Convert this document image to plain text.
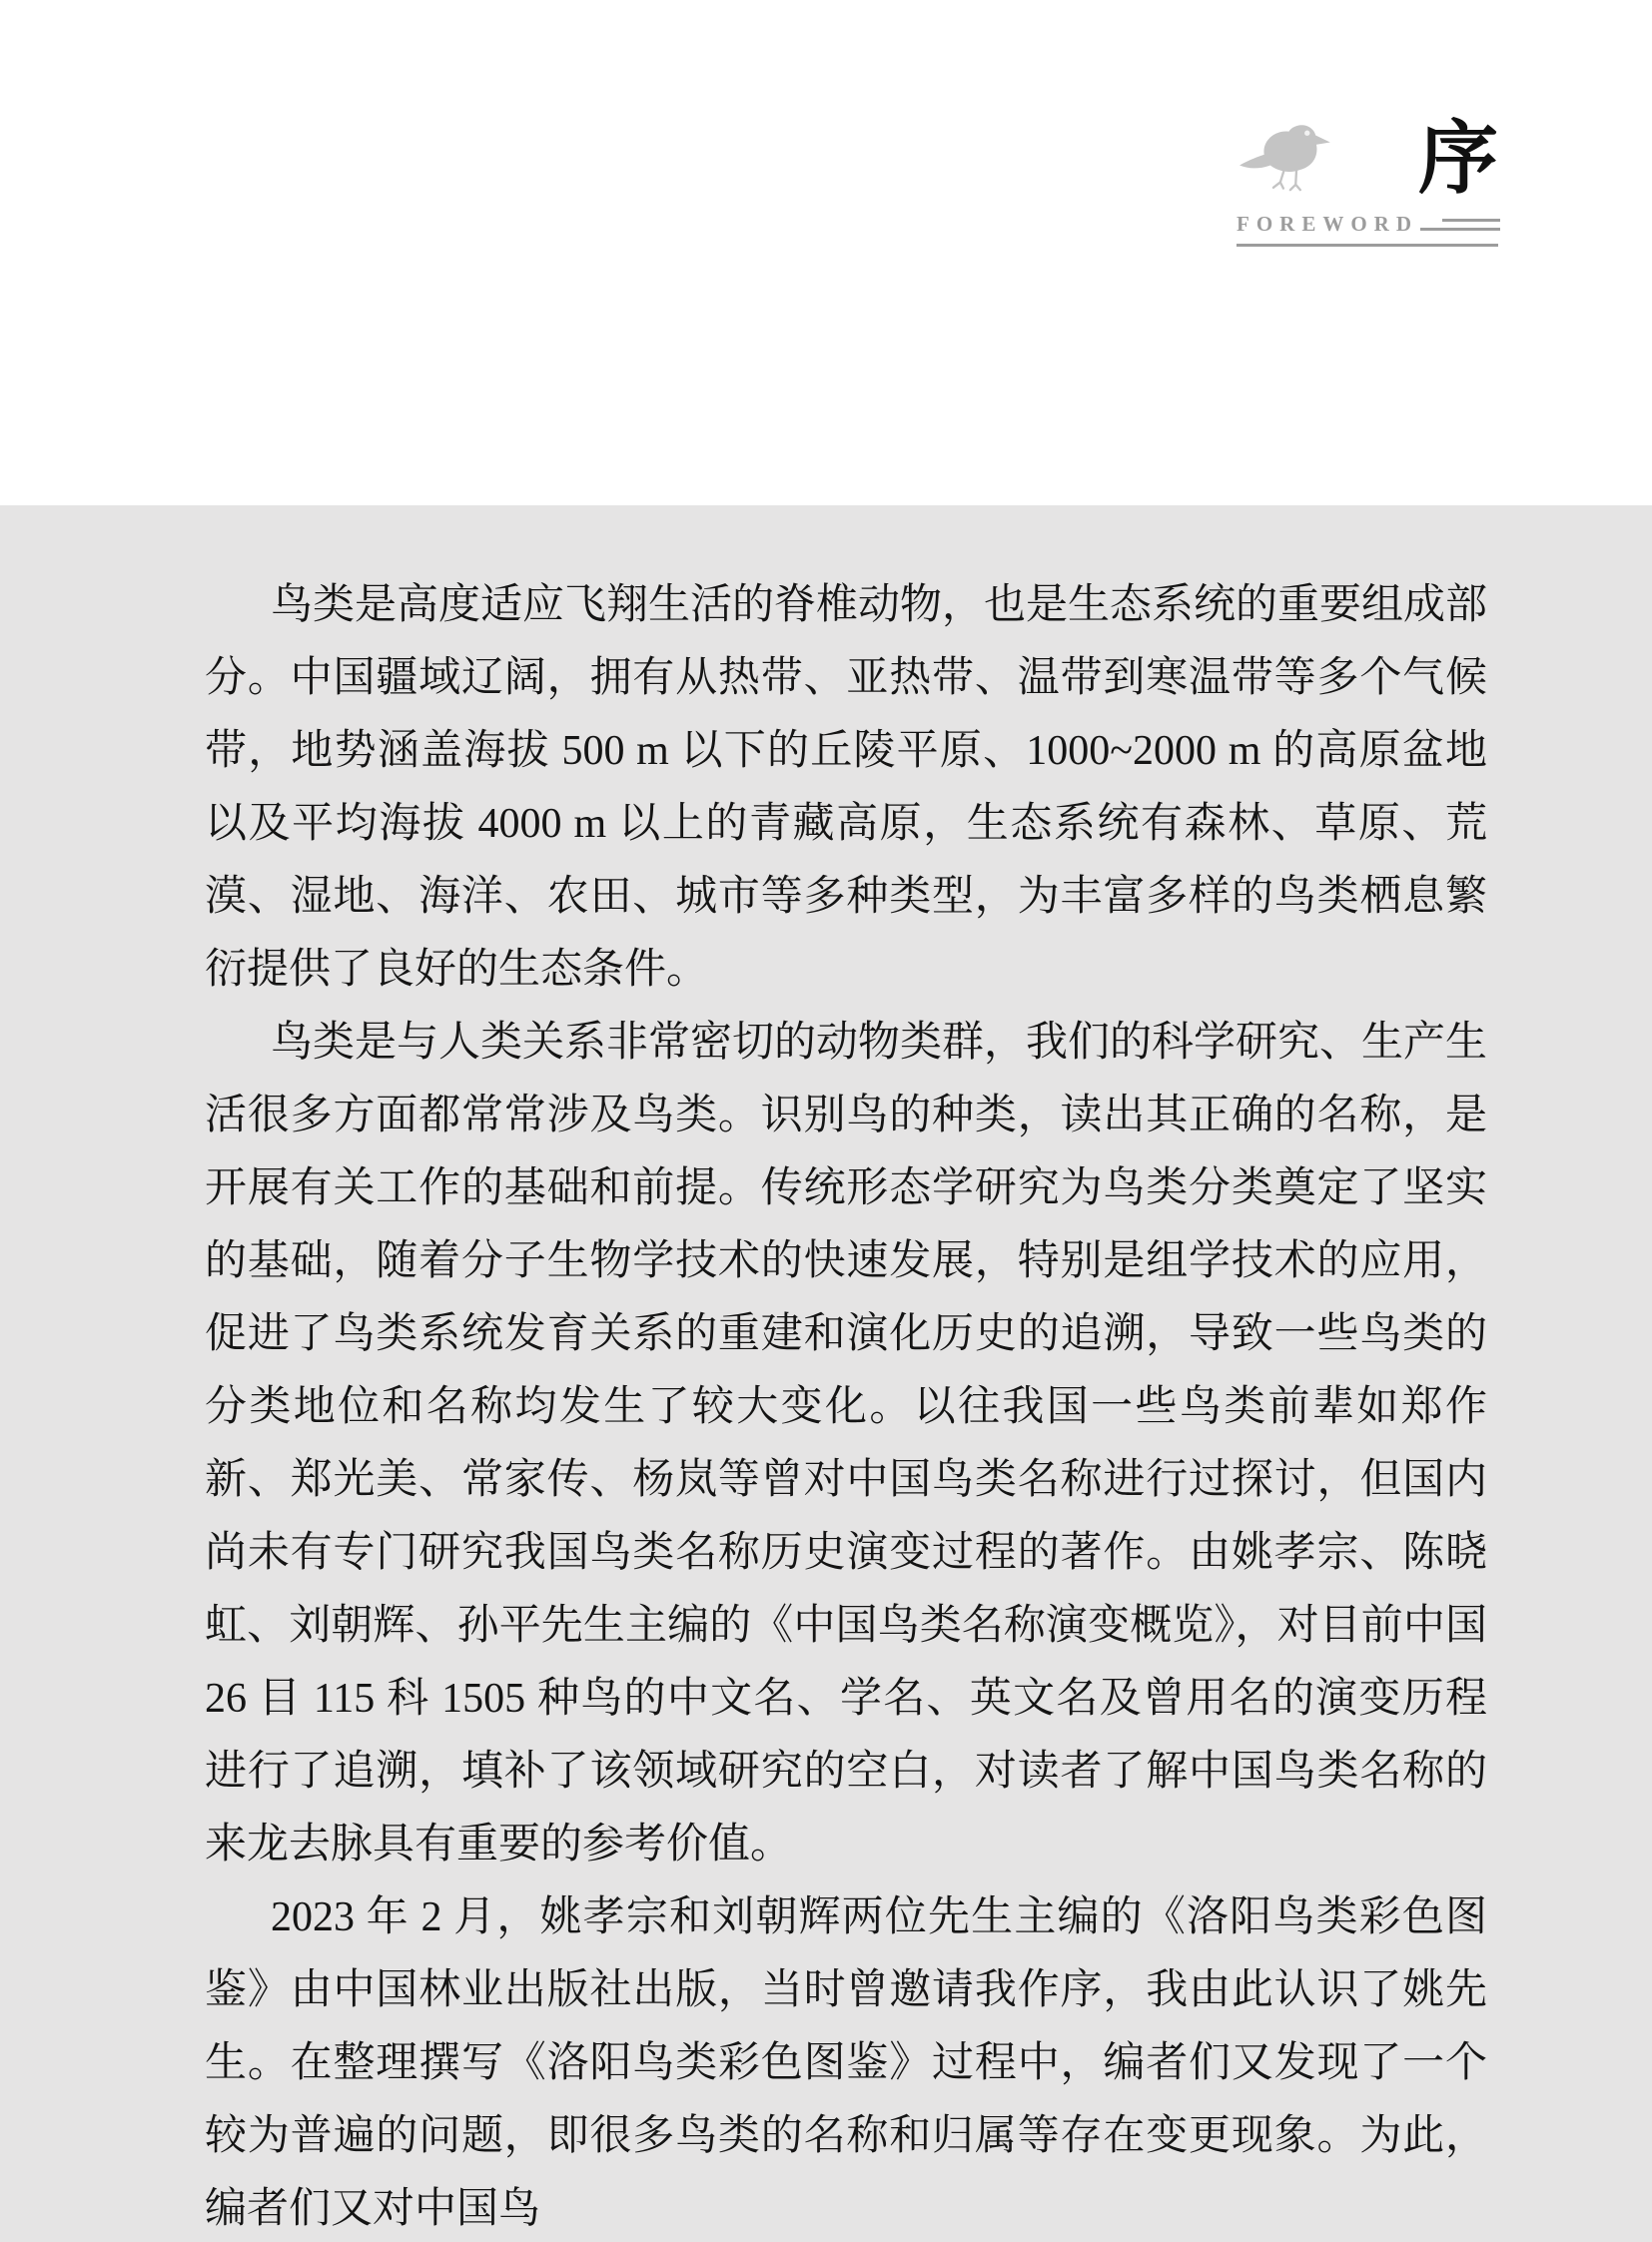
序
FOREWORD

鸟类是高度适应飞翔生活的脊椎动物，也是生态系统的重要组成部分。中国疆域辽阔，拥有从热带、亚热带、温带到寒温带等多个气候带，地势涵盖海拔 500 m 以下的丘陵平原、1000~2000 m 的高原盆地以及平均海拔 4000 m 以上的青藏高原，生态系统有森林、草原、荒漠、湿地、海洋、农田、城市等多种类型，为丰富多样的鸟类栖息繁衍提供了良好的生态条件。

鸟类是与人类关系非常密切的动物类群，我们的科学研究、生产生活很多方面都常常涉及鸟类。识别鸟的种类，读出其正确的名称，是开展有关工作的基础和前提。传统形态学研究为鸟类分类奠定了坚实的基础，随着分子生物学技术的快速发展，特别是组学技术的应用，促进了鸟类系统发育关系的重建和演化历史的追溯，导致一些鸟类的分类地位和名称均发生了较大变化。以往我国一些鸟类前辈如郑作新、郑光美、常家传、杨岚等曾对中国鸟类名称进行过探讨，但国内尚未有专门研究我国鸟类名称历史演变过程的著作。由姚孝宗、陈晓虹、刘朝辉、孙平先生主编的《中国鸟类名称演变概览》，对目前中国 26 目 115 科 1505 种鸟的中文名、学名、英文名及曾用名的演变历程进行了追溯，填补了该领域研究的空白，对读者了解中国鸟类名称的来龙去脉具有重要的参考价值。

2023 年 2 月，姚孝宗和刘朝辉两位先生主编的《洛阳鸟类彩色图鉴》由中国林业出版社出版，当时曾邀请我作序，我由此认识了姚先生。在整理撰写《洛阳鸟类彩色图鉴》过程中，编者们又发现了一个较为普遍的问题，即很多鸟类的名称和归属等存在变更现象。为此，编者们又对中国鸟
